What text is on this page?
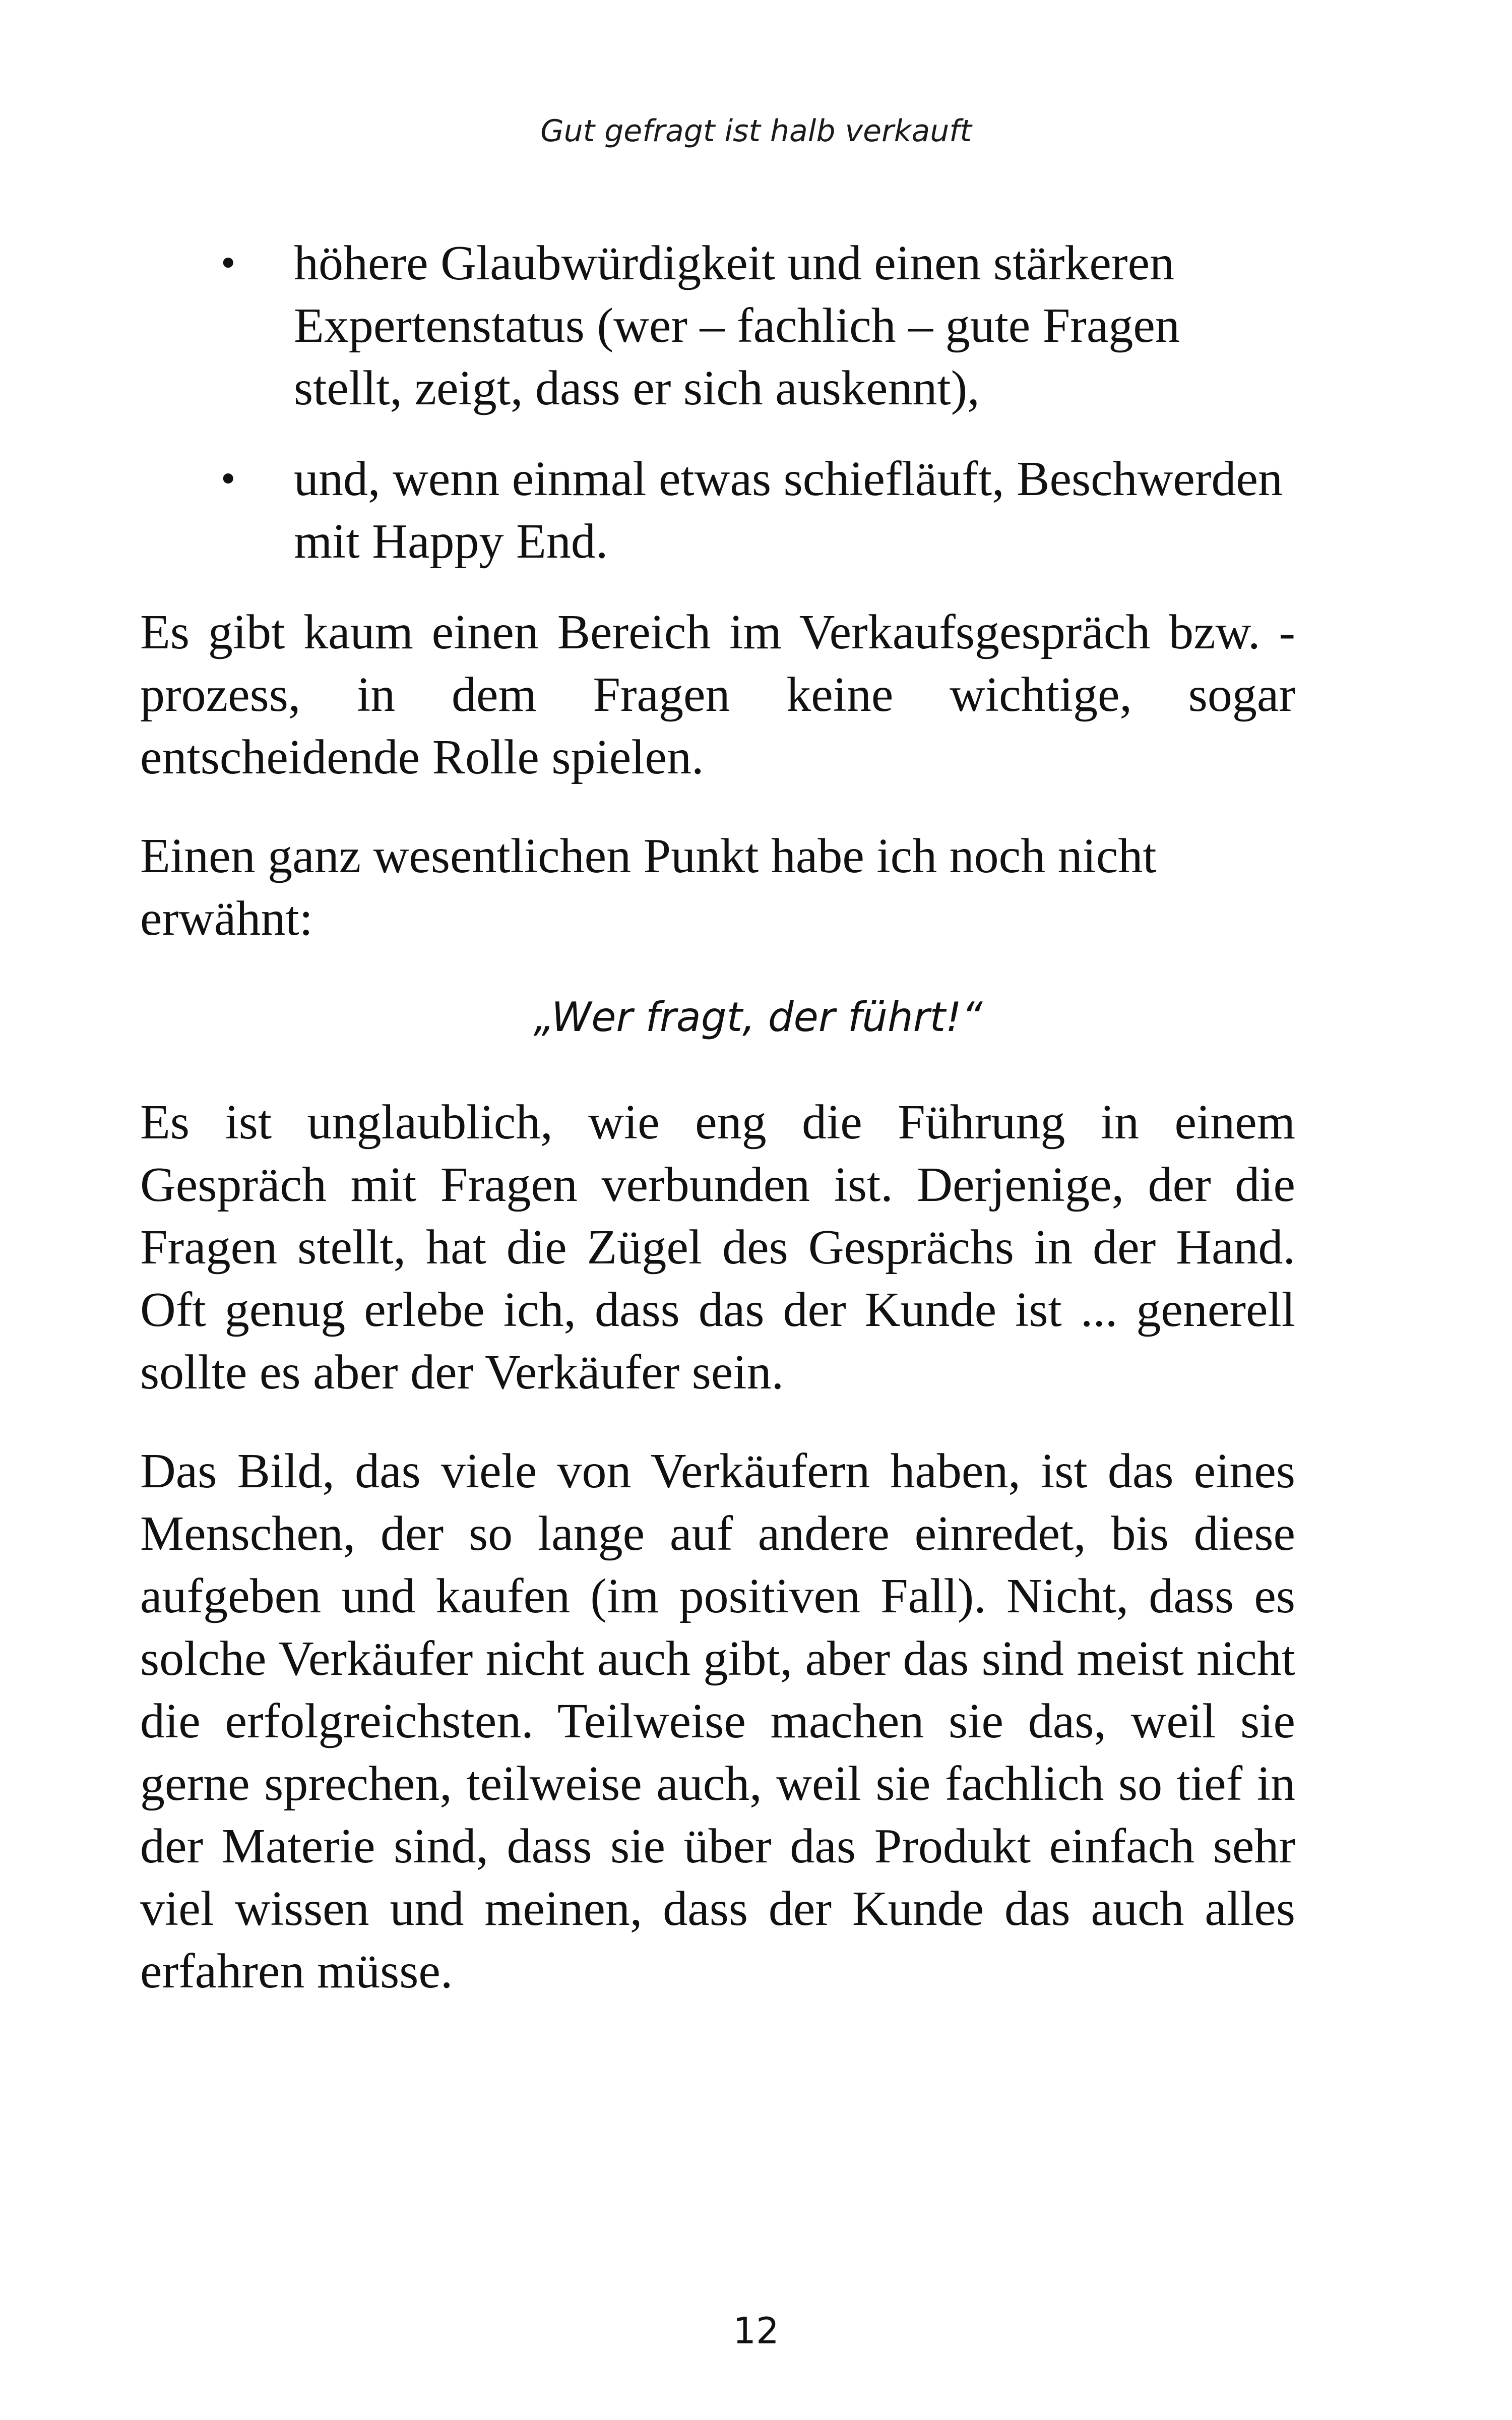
Gut gefragt ist halb verkauft
• höhere Glaubwürdigkeit und einen stärkeren Expertenstatus (wer – fachlich – gute Fragen stellt, zeigt, dass er sich auskennt),
• und, wenn einmal etwas schiefläuft, Beschwerden mit Happy End.

Es gibt kaum einen Bereich im Verkaufsgespräch bzw. -prozess, in dem Fragen keine wichtige, sogar entscheidende Rolle spielen.

Einen ganz wesentlichen Punkt habe ich noch nicht erwähnt:

„Wer fragt, der führt!“

Es ist unglaublich, wie eng die Führung in einem Gespräch mit Fragen verbunden ist. Derjenige, der die Fragen stellt, hat die Zügel des Gesprächs in der Hand. Oft genug erlebe ich, dass das der Kunde ist ... generell sollte es aber der Verkäufer sein.

Das Bild, das viele von Verkäufern haben, ist das eines Menschen, der so lange auf andere einredet, bis diese aufgeben und kaufen (im positiven Fall). Nicht, dass es solche Verkäufer nicht auch gibt, aber das sind meist nicht die erfolgreichsten. Teilweise machen sie das, weil sie gerne sprechen, teilweise auch, weil sie fachlich so tief in der Materie sind, dass sie über das Produkt einfach sehr viel wissen und meinen, dass der Kunde das auch alles erfahren müsse.

12
